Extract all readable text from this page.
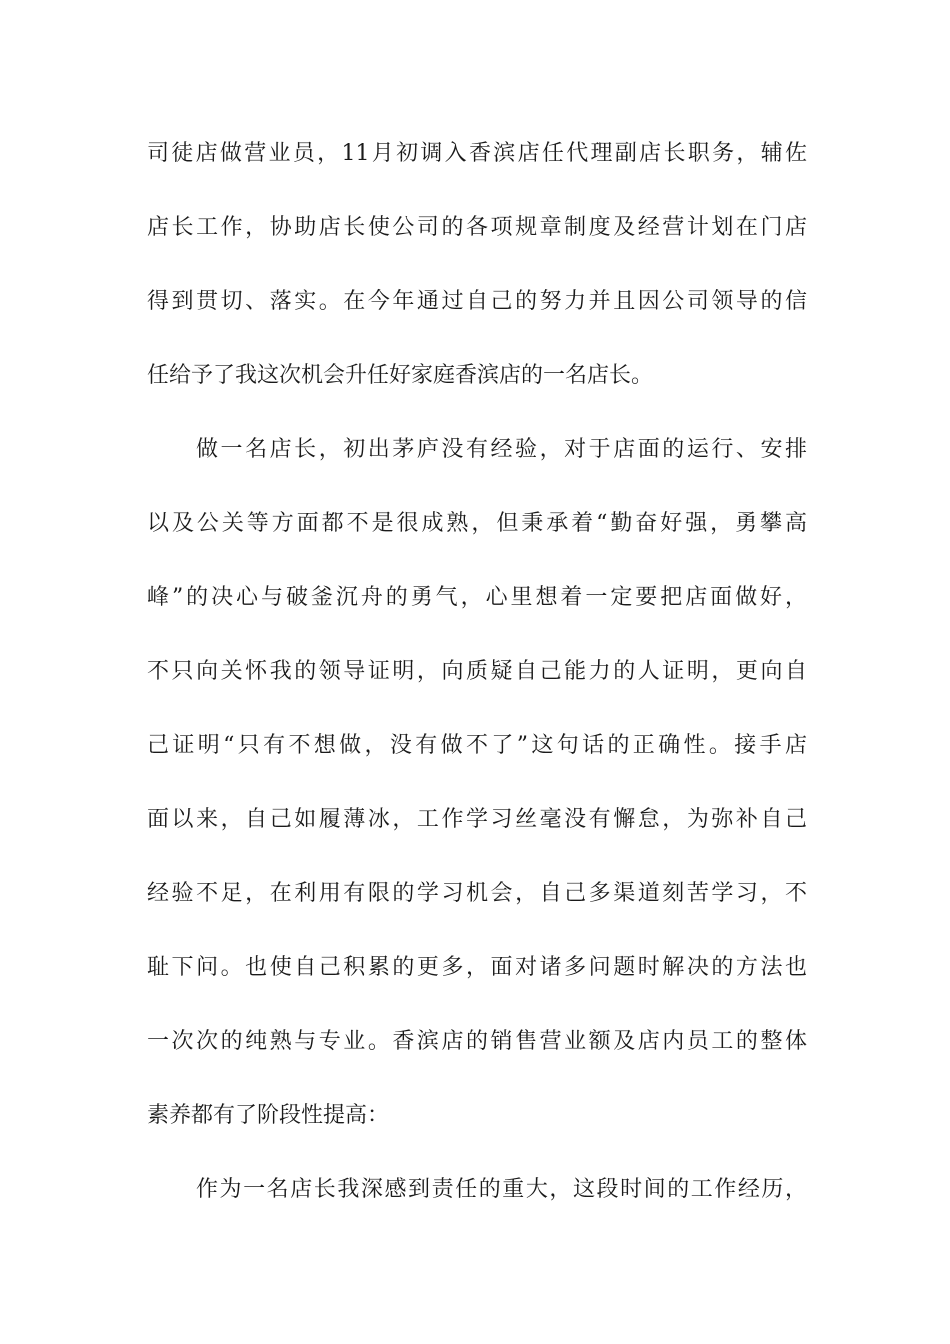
司徒店做营业员，11月初调入香滨店任代理副店长职务，辅佐
店长工作，协助店长使公司的各项规章制度及经营计划在门店
得到贯切、落实。在今年通过自己的努力并且因公司领导的信
任给予了我这次机会升任好家庭香滨店的一名店长。
做一名店长，初出茅庐没有经验，对于店面的运行、安排
以及公关等方面都不是很成熟，但秉承着“勤奋好强，勇攀高
峰”的决心与破釜沉舟的勇气，心里想着一定要把店面做好，
不只向关怀我的领导证明，向质疑自己能力的人证明，更向自
己证明“只有不想做，没有做不了”这句话的正确性。接手店
面以来，自己如履薄冰，工作学习丝毫没有懈怠，为弥补自己
经验不足，在利用有限的学习机会，自己多渠道刻苦学习，不
耻下问。也使自己积累的更多，面对诸多问题时解决的方法也
一次次的纯熟与专业。香滨店的销售营业额及店内员工的整体
素养都有了阶段性提高：
作为一名店长我深感到责任的重大，这段时间的工作经历，
